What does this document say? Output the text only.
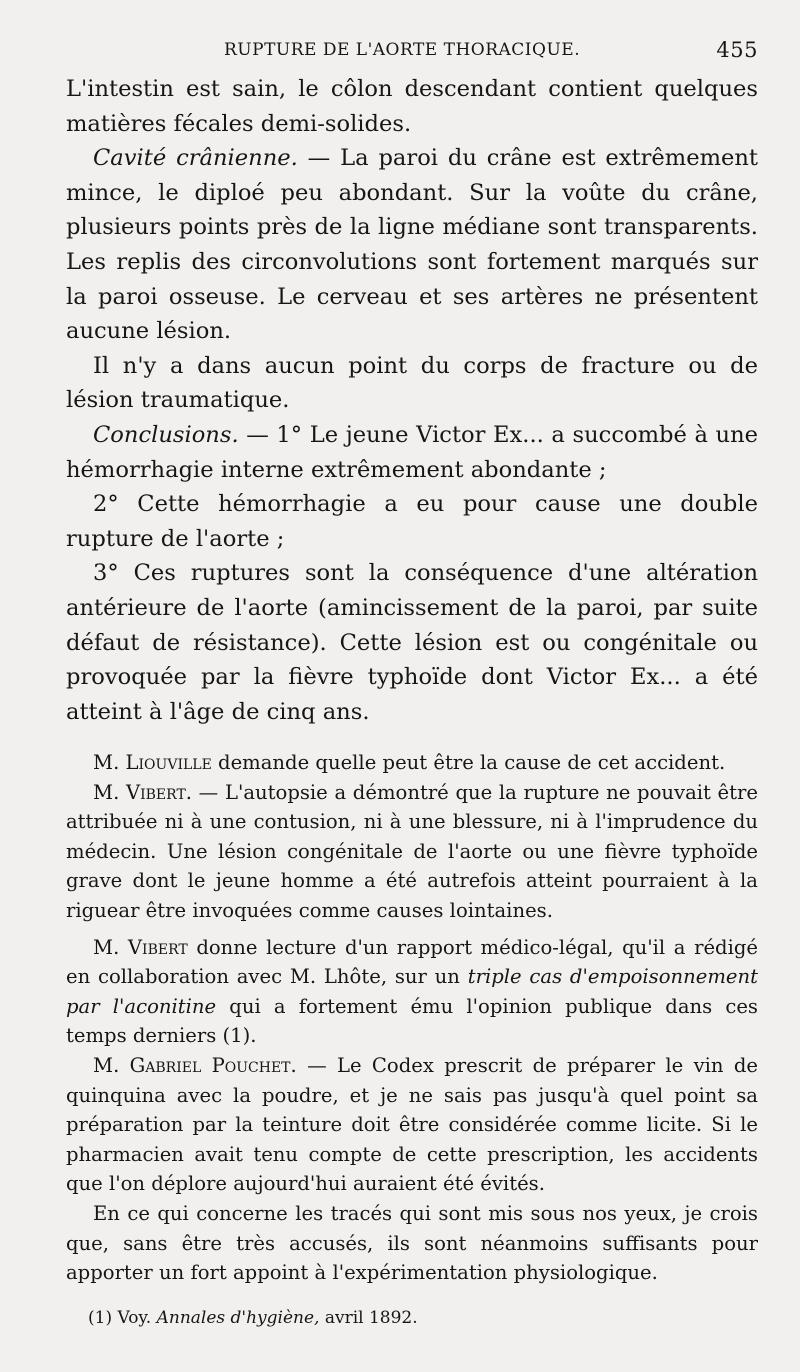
RUPTURE DE L'AORTE THORACIQUE.	455

L'intestin est sain, le côlon descendant contient quelques matières fécales demi-solides.

Cavité crânienne. — La paroi du crâne est extrêmement mince, le diploé peu abondant. Sur la voûte du crâne, plusieurs points près de la ligne médiane sont transparents. Les replis des circonvolutions sont fortement marqués sur la paroi osseuse. Le cerveau et ses artères ne présentent aucune lésion.

Il n'y a dans aucun point du corps de fracture ou de lésion traumatique.

Conclusions. — 1° Le jeune Victor Ex... a succombé à une hémorrhagie interne extrêmement abondante ;

2° Cette hémorrhagie a eu pour cause une double rupture de l'aorte ;

3° Ces ruptures sont la conséquence d'une altération antérieure de l'aorte (amincissement de la paroi, par suite défaut de résistance). Cette lésion est ou congénitale ou provoquée par la fièvre typhoïde dont Victor Ex... a été atteint à l'âge de cinq ans.

M. Liouville demande quelle peut être la cause de cet accident.

M. Vibert. — L'autopsie a démontré que la rupture ne pouvait être attribuée ni à une contusion, ni à une blessure, ni à l'imprudence du médecin. Une lésion congénitale de l'aorte ou une fièvre typhoïde grave dont le jeune homme a été autrefois atteint pourraient à la riguear être invoquées comme causes lointaines.

M. Vibert donne lecture d'un rapport médico-légal, qu'il a rédigé en collaboration avec M. Lhôte, sur un triple cas d'empoisonnement par l'aconitine qui a fortement ému l'opinion publique dans ces temps derniers (1).

M. Gabriel Pouchet. — Le Codex prescrit de préparer le vin de quinquina avec la poudre, et je ne sais pas jusqu'à quel point sa préparation par la teinture doit être considérée comme licite. Si le pharmacien avait tenu compte de cette prescription, les accidents que l'on déplore aujourd'hui auraient été évités.

En ce qui concerne les tracés qui sont mis sous nos yeux, je crois que, sans être très accusés, ils sont néanmoins suffisants pour apporter un fort appoint à l'expérimentation physiologique.

(1) Voy. Annales d'hygiène, avril 1892.
